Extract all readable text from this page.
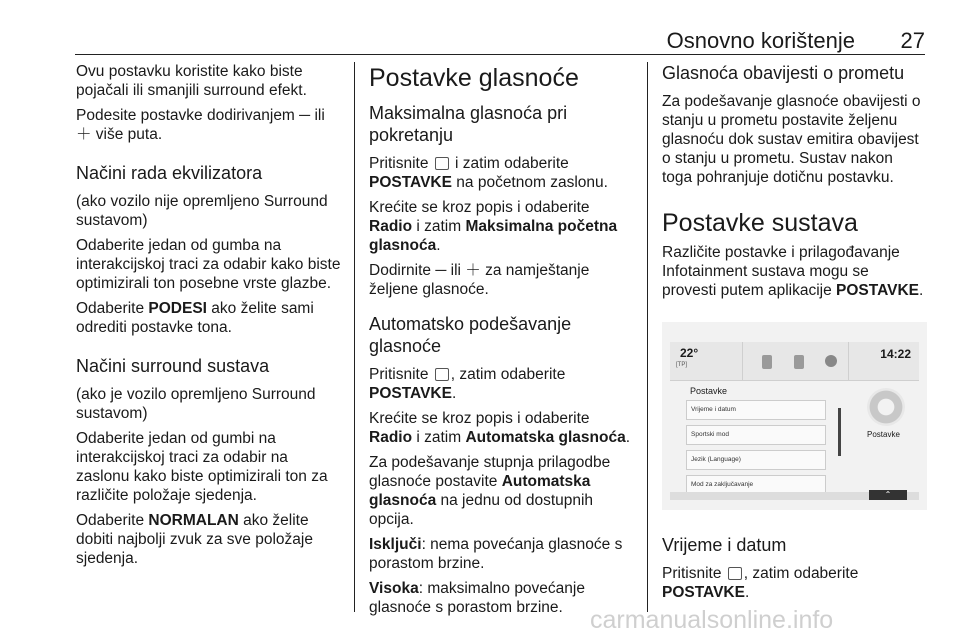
Osnovno korištenje 27

Ovu postavku koristite kako biste pojačali ili smanjili surround efekt.

Podesite postavke dodirivanjem ─ ili ＋ više puta.

Načini rada ekvilizatora

(ako vozilo nije opremljeno Surround sustavom)

Odaberite jedan od gumba na interakcijskoj traci za odabir kako biste optimizirali ton posebne vrste glazbe.

Odaberite PODESI ako želite sami odrediti postavke tona.

Načini surround sustava

(ako je vozilo opremljeno Surround sustavom)

Odaberite jedan od gumbi na interakcijskoj traci za odabir na zaslonu kako biste optimizirali ton za različite položaje sjedenja.

Odaberite NORMALAN ako želite dobiti najbolji zvuk za sve položaje sjedenja.

Postavke glasnoće
Maksimalna glasnoća pri pokretanju

Pritisnite  i zatim odaberite
POSTAVKE na početnom zaslonu.

Krećite se kroz popis i odaberite Radio i zatim Maksimalna početna glasnoća.

Dodirnite ─ ili ＋ za namještanje željene glasnoće.

Automatsko podešavanje glasnoće

Pritisnite , zatim odaberite
POSTAVKE.

Krećite se kroz popis i odaberite Radio i zatim Automatska glasnoća.

Za podešavanje stupnja prilagodbe glasnoće postavite Automatska glasnoća na jednu od dostupnih opcija.

Isključi: nema povećanja glasnoće s porastom brzine.

Visoka: maksimalno povećanje glasnoće s porastom brzine.

Glasnoća obavijesti o prometu

Za podešavanje glasnoće obavijesti o stanju u prometu postavite željenu glasnoću dok sustav emitira obavijest o stanju u prometu. Sustav nakon toga pohranjuje dotičnu postavku.

Postavke sustava

Različite postavke i prilagođavanje Infotainment sustava mogu se provesti putem aplikacije POSTAVKE.

22°
[TP]
14:22
Postavke
Vrijeme i datum
Sportski mod
Jezik (Language)
Mod za zaključavanje
Postavke
⌃
Vrijeme i datum

Pritisnite , zatim odaberite
POSTAVKE.

carmanualsonline.info
